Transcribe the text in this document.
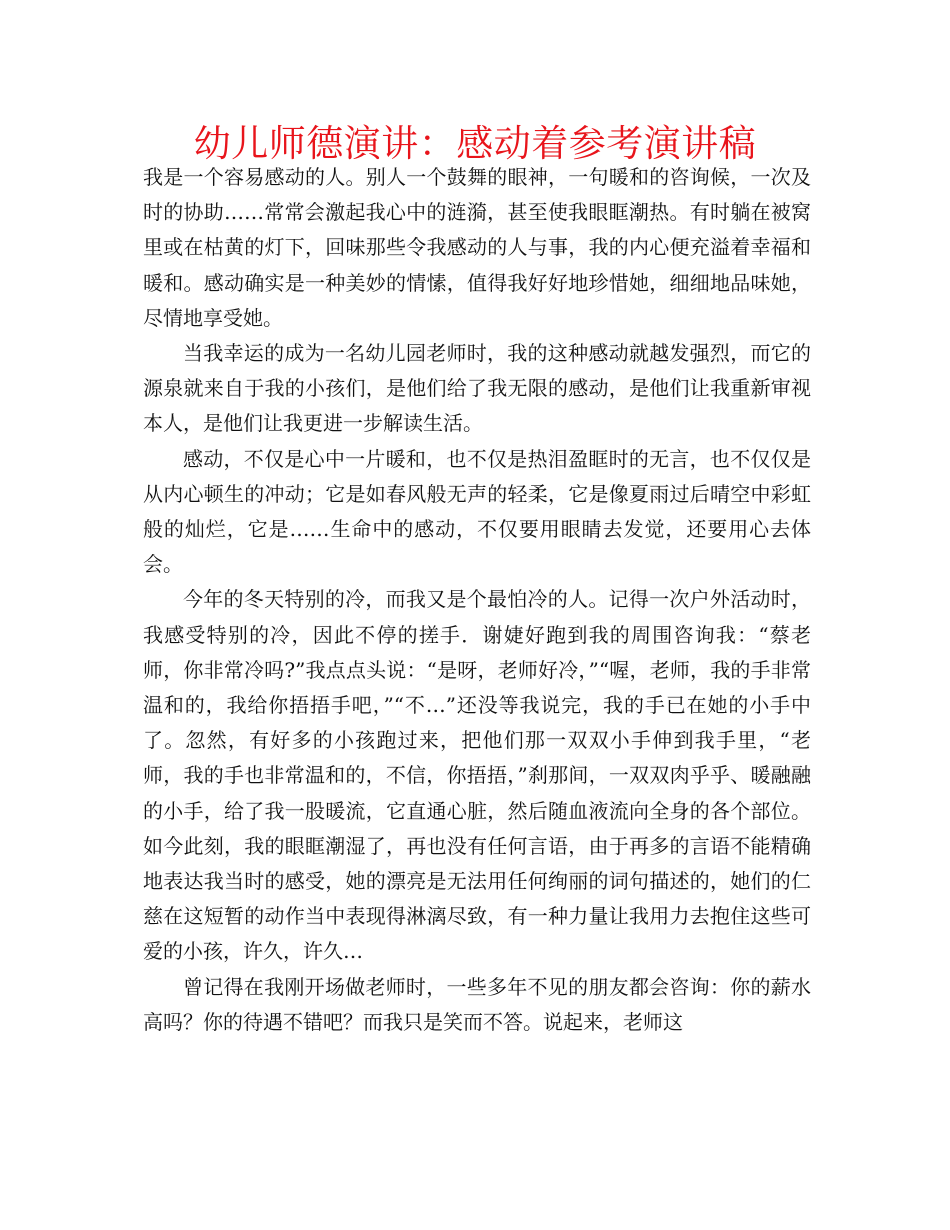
幼儿师德演讲：感动着参考演讲稿

我是一个容易感动的人。别人一个鼓舞的眼神，一句暖和的咨询候，一次及时的协助……常常会激起我心中的涟漪，甚至使我眼眶潮热。有时躺在被窝里或在枯黄的灯下，回味那些令我感动的人与事，我的内心便充溢着幸福和暖和。感动确实是一种美妙的情愫，值得我好好地珍惜她，细细地品味她，尽情地享受她。

当我幸运的成为一名幼儿园老师时，我的这种感动就越发强烈，而它的源泉就来自于我的小孩们，是他们给了我无限的感动，是他们让我重新审视本人，是他们让我更进一步解读生活。

感动，不仅是心中一片暖和，也不仅是热泪盈眶时的无言，也不仅仅是从内心顿生的冲动；它是如春风般无声的轻柔，它是像夏雨过后晴空中彩虹般的灿烂，它是……生命中的感动，不仅要用眼睛去发觉，还要用心去体会。

今年的冬天特别的冷，而我又是个最怕冷的人。记得一次户外活动时，我感受特别的冷，因此不停的搓手．谢婕好跑到我的周围咨询我：“蔡老师，你非常冷吗?”我点点头说：“是呀，老师好冷，”“喔，老师，我的手非常温和的，我给你捂捂手吧，”“不…”还没等我说完，我的手已在她的小手中了。忽然，有好多的小孩跑过来，把他们那一双双小手伸到我手里，“老师，我的手也非常温和的，不信，你捂捂，”刹那间，一双双肉乎乎、暖融融的小手，给了我一股暖流，它直通心脏，然后随血液流向全身的各个部位。如今此刻，我的眼眶潮湿了，再也没有任何言语，由于再多的言语不能精确地表达我当时的感受，她的漂亮是无法用任何绚丽的词句描述的，她们的仁慈在这短暂的动作当中表现得淋漓尽致，有一种力量让我用力去抱住这些可爱的小孩，许久，许久…

曾记得在我刚开场做老师时，一些多年不见的朋友都会咨询：你的薪水高吗？你的待遇不错吧？而我只是笑而不答。说起来，老师这
